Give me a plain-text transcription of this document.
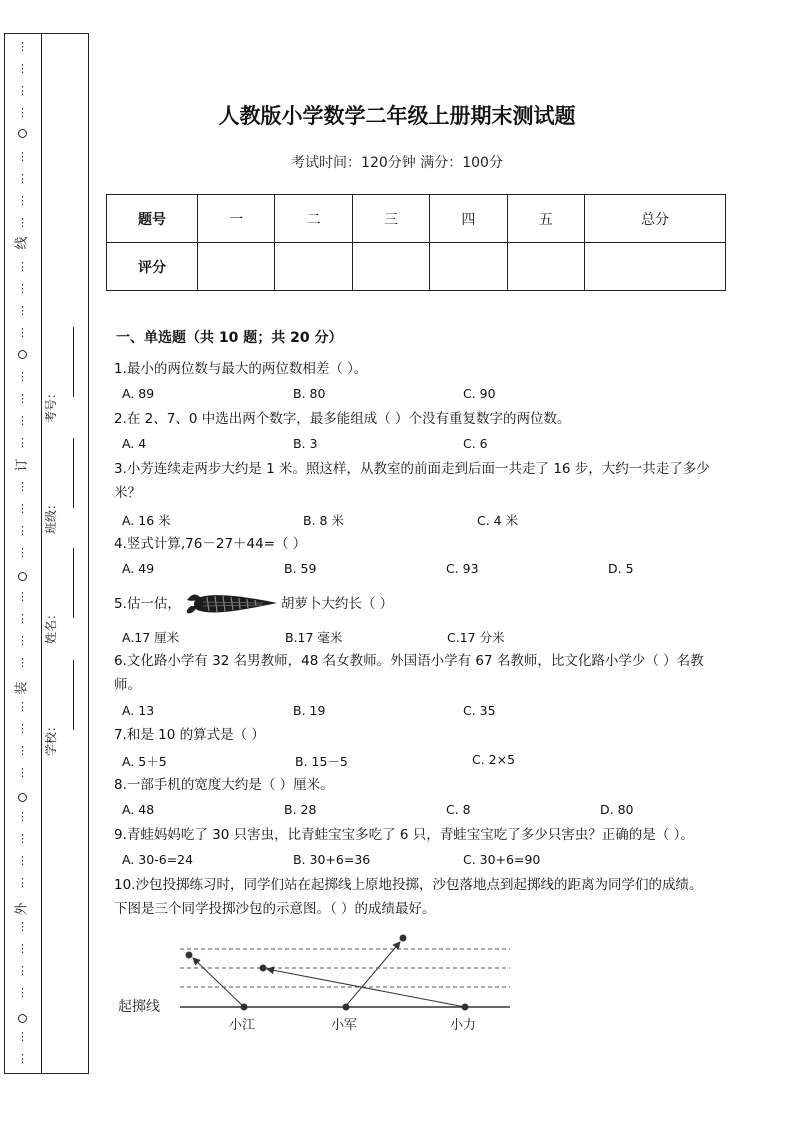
⋮
⋮
⋮
⋮
⋮
⋮
⋮
⋮
⋮
⋮
⋮
⋮
⋮
⋮
⋮
⋮
⋮
⋮
⋮
⋮
⋮
⋮
⋮
⋮
⋮
⋮
⋮
⋮
⋮
⋮
⋮
⋮
⋮
⋮
⋮
⋮
⋮
⋮
线
订
装
外
考号：
班级：
姓名：
学校：
人教版小学数学二年级上册期末测试题
考试时间：120分钟 满分：100分
题号	一	二	三	四	五	总分
评分						
一、单选题（共 10 题；共 20 分）
1.最小的两位数与最大的两位数相差（ ）。
A. 89	B. 80	C. 90
2.在 2、7、0 中选出两个数字，最多能组成（ ）个没有重复数字的两位数。
A. 4	B. 3	C. 6
3.小芳连续走两步大约是 1 米。照这样，从教室的前面走到后面一共走了 16 步，大约一共走了多少
米？
A. 16 米	B. 8 米	C. 4 米
4.竖式计算,76－27＋44=（ ）
A. 49	B. 59	C. 93	D. 5
5.估一估，	胡萝卜大约长（ ）
A.17 厘米	B.17 毫米	C.17 分米
6.文化路小学有 32 名男教师，48 名女教师。外国语小学有 67 名教师，比文化路小学少（ ）名教
师。
A. 13	B. 19	C. 35
7.和是 10 的算式是（ ）
A. 5＋5	B. 15－5	C. 2×5
8.一部手机的宽度大约是（ ）厘米。
A. 48	B. 28	C. 8	D. 80
9.青蛙妈妈吃了 30 只害虫，比青蛙宝宝多吃了 6 只，青蛙宝宝吃了多少只害虫？正确的是（ ）。
A. 30-6=24	B. 30+6=36	C. 30+6=90
10.沙包投掷练习时，同学们站在起掷线上原地投掷，沙包落地点到起掷线的距离为同学们的成绩。
下图是三个同学投掷沙包的示意图。（ ）的成绩最好。
起掷线
小江	小军	小力
